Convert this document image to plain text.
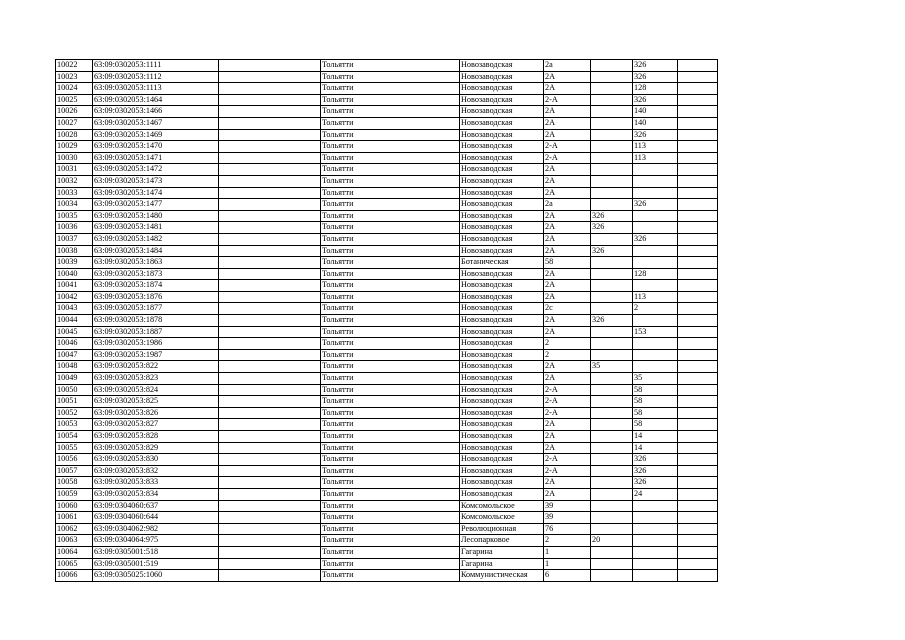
10022	63:09:0302053:1111		Тольятти	Новозаводская	2а		326	
10023	63:09:0302053:1112		Тольятти	Новозаводская	2А		326	
10024	63:09:0302053:1113		Тольятти	Новозаводская	2А		128	
10025	63:09:0302053:1464		Тольятти	Новозаводская	2-А		326	
10026	63:09:0302053:1466		Тольятти	Новозаводская	2А		140	
10027	63:09:0302053:1467		Тольятти	Новозаводская	2А		140	
10028	63:09:0302053:1469		Тольятти	Новозаводская	2А		326	
10029	63:09:0302053:1470		Тольятти	Новозаводская	2-А		113	
10030	63:09:0302053:1471		Тольятти	Новозаводская	2-А		113	
10031	63:09:0302053:1472		Тольятти	Новозаводская	2А			
10032	63:09:0302053:1473		Тольятти	Новозаводская	2А			
10033	63:09:0302053:1474		Тольятти	Новозаводская	2А			
10034	63:09:0302053:1477		Тольятти	Новозаводская	2а		326	
10035	63:09:0302053:1480		Тольятти	Новозаводская	2А	326		
10036	63:09:0302053:1481		Тольятти	Новозаводская	2А	326		
10037	63:09:0302053:1482		Тольятти	Новозаводская	2А		326	
10038	63:09:0302053:1484		Тольятти	Новозаводская	2А	326		
10039	63:09:0302053:1863		Тольятти	Ботаническая	58			
10040	63:09:0302053:1873		Тольятти	Новозаводская	2А		128	
10041	63:09:0302053:1874		Тольятти	Новозаводская	2А			
10042	63:09:0302053:1876		Тольятти	Новозаводская	2А		113	
10043	63:09:0302053:1877		Тольятти	Новозаводская	2с		2	
10044	63:09:0302053:1878		Тольятти	Новозаводская	2А	326		
10045	63:09:0302053:1887		Тольятти	Новозаводская	2А		153	
10046	63:09:0302053:1986		Тольятти	Новозаводская	2			
10047	63:09:0302053:1987		Тольятти	Новозаводская	2			
10048	63:09:0302053:822		Тольятти	Новозаводская	2А	35		
10049	63:09:0302053:823		Тольятти	Новозаводская	2А		35	
10050	63:09:0302053:824		Тольятти	Новозаводская	2-А		58	
10051	63:09:0302053:825		Тольятти	Новозаводская	2-А		58	
10052	63:09:0302053:826		Тольятти	Новозаводская	2-А		58	
10053	63:09:0302053:827		Тольятти	Новозаводская	2А		58	
10054	63:09:0302053:828		Тольятти	Новозаводская	2А		14	
10055	63:09:0302053:829		Тольятти	Новозаводская	2А		14	
10056	63:09:0302053:830		Тольятти	Новозаводская	2-А		326	
10057	63:09:0302053:832		Тольятти	Новозаводская	2-А		326	
10058	63:09:0302053:833		Тольятти	Новозаводская	2А		326	
10059	63:09:0302053:834		Тольятти	Новозаводская	2А		24	
10060	63:09:0304060:637		Тольятти	Комсомольское	39			
10061	63:09:0304060:644		Тольятти	Комсомольское	39			
10062	63:09:0304062:982		Тольятти	Революционная	76			
10063	63:09:0304064:975		Тольятти	Лесопарковое	2	20		
10064	63:09:0305001:518		Тольятти	Гагарина	1			
10065	63:09:0305001:519		Тольятти	Гагарина	1			
10066	63:09:0305025:1060		Тольятти	Коммунистическая	6			
